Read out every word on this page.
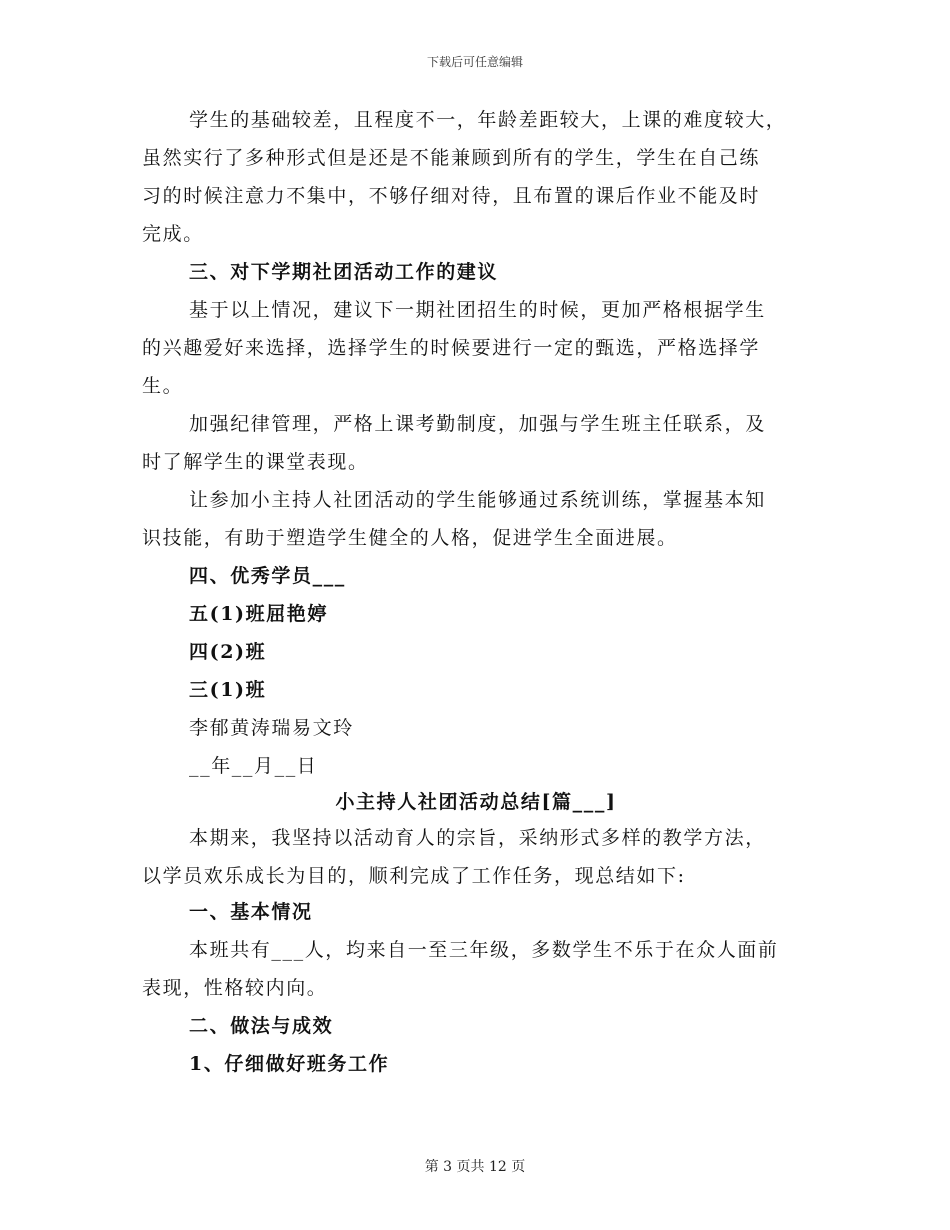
下载后可任意编辑
学生的基础较差，且程度不一，年龄差距较大，上课的难度较大，
虽然实行了多种形式但是还是不能兼顾到所有的学生，学生在自己练
习的时候注意力不集中，不够仔细对待，且布置的课后作业不能及时
完成。
三、对下学期社团活动工作的建议
基于以上情况，建议下一期社团招生的时候，更加严格根据学生
的兴趣爱好来选择，选择学生的时候要进行一定的甄选，严格选择学
生。
加强纪律管理，严格上课考勤制度，加强与学生班主任联系，及
时了解学生的课堂表现。
让参加小主持人社团活动的学生能够通过系统训练，掌握基本知
识技能，有助于塑造学生健全的人格，促进学生全面进展。
四、优秀学员___
五(1)班屈艳婷
四(2)班
三(1)班
李郁黄涛瑞易文玲
__年__月__日
小主持人社团活动总结[篇___]
本期来，我坚持以活动育人的宗旨，采纳形式多样的教学方法，
以学员欢乐成长为目的，顺利完成了工作任务，现总结如下:
一、基本情况
本班共有___人，均来自一至三年级，多数学生不乐于在众人面前
表现，性格较内向。
二、做法与成效
1、仔细做好班务工作
第 3 页共 12 页
